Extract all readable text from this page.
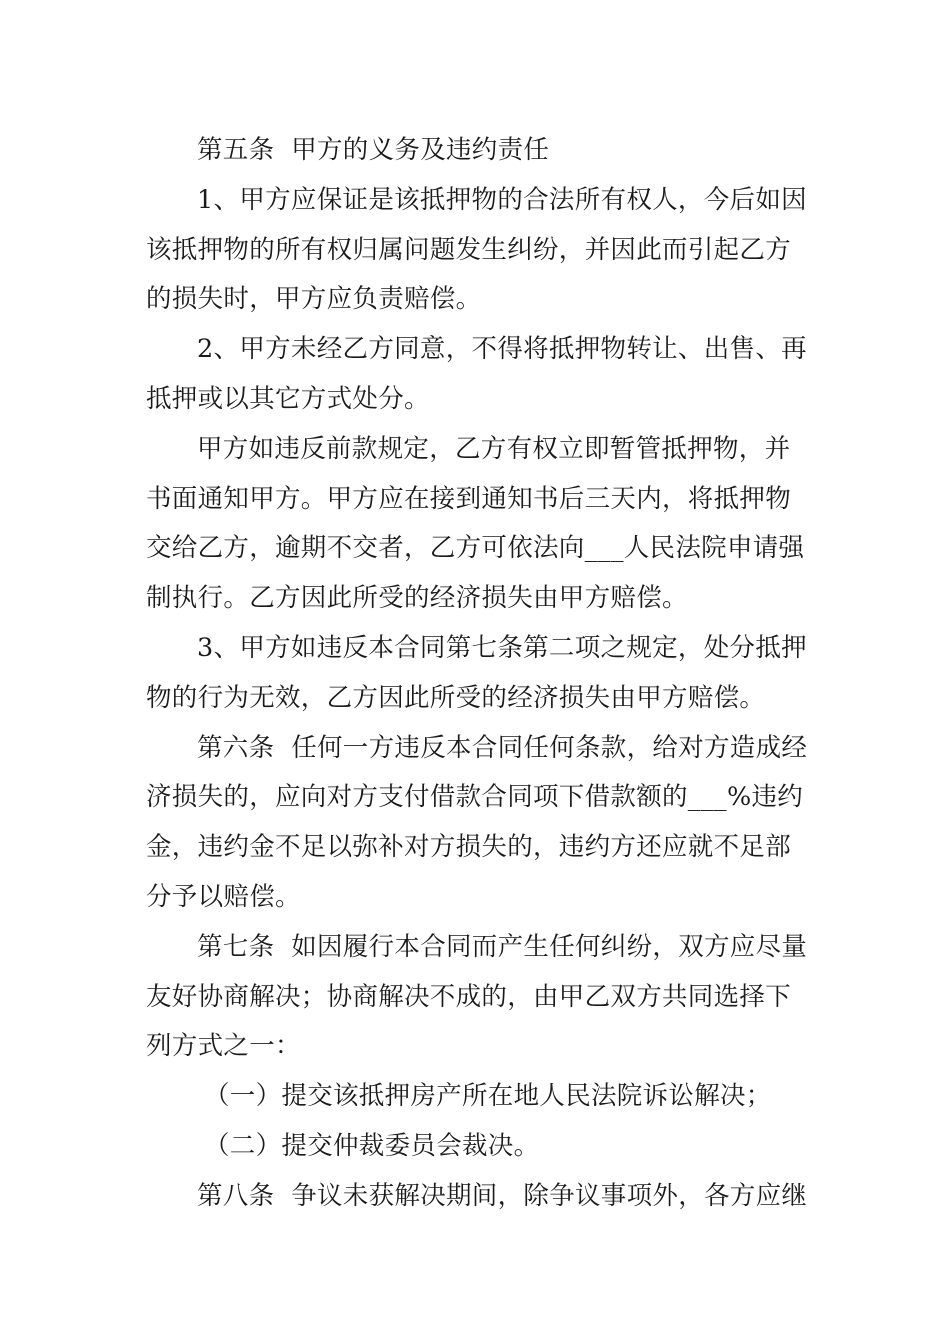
第五条  甲方的义务及违约责任
1、甲方应保证是该抵押物的合法所有权人，今后如因
该抵押物的所有权归属问题发生纠纷，并因此而引起乙方
的损失时，甲方应负责赔偿。
2、甲方未经乙方同意，不得将抵押物转让、出售、再
抵押或以其它方式处分。
甲方如违反前款规定，乙方有权立即暂管抵押物，并
书面通知甲方。甲方应在接到通知书后三天内，将抵押物
交给乙方，逾期不交者，乙方可依法向___人民法院申请强
制执行。乙方因此所受的经济损失由甲方赔偿。
3、甲方如违反本合同第七条第二项之规定，处分抵押
物的行为无效，乙方因此所受的经济损失由甲方赔偿。
第六条  任何一方违反本合同任何条款，给对方造成经
济损失的，应向对方支付借款合同项下借款额的___%违约
金，违约金不足以弥补对方损失的，违约方还应就不足部
分予以赔偿。
第七条  如因履行本合同而产生任何纠纷，双方应尽量
友好协商解决；协商解决不成的，由甲乙双方共同选择下
列方式之一：
（一）提交该抵押房产所在地人民法院诉讼解决；
（二）提交仲裁委员会裁决。
第八条  争议未获解决期间，除争议事项外，各方应继
